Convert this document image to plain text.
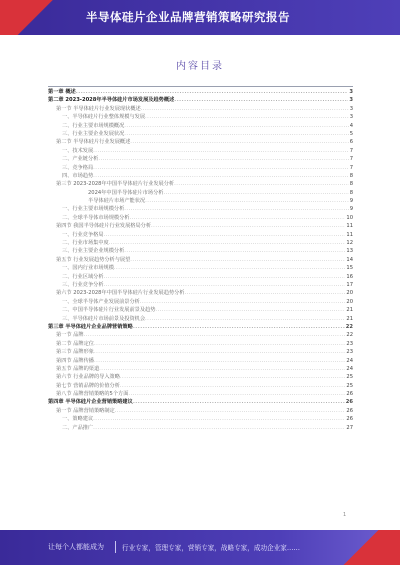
半导体硅片企业品牌营销策略研究报告
内容目录
第一章 概述 .....	3
第二章 2023-2028年半导体硅片市场发展及趋势概述 .....	3
第一节 半导体硅片行业发展现状概述 .....	3
一、半导体硅片行业整体规模与发展 .....	3
二、行业主要市场规模概况 .....	4
三、行业主要企业发展状况 .....	5
第二节 半导体硅片行业发展概述 .....	6
一、技术发展 .....	7
二、产业链分析 .....	7
三、竞争格局 .....	7
四、市场趋势 .....	8
第三节 2023-2028年中国半导体硅片行业发展分析 .....	8
2024年中国半导体硅片市场分析 .....	8
半导体硅片市场产能状况 .....	9
一、行业主要市场规模分析 .....	9
二、全球半导体市场规模分析 .....	10
第四节 我国半导体硅片行业发展格局分析 .....	11
一、行业竞争格局 .....	11
二、行业市场集中度 .....	12
三、行业主要企业规模分析 .....	13
第五节 行业发展趋势分析与展望 .....	14
一、国内行业市场规模 .....	15
二、行业区域分析 .....	16
三、行业竞争分析 .....	17
第六节 2023-2028年中国半导体硅片行业发展趋势分析 .....	20
一、全球半导体产业发展前景分析 .....	20
二、中国半导体硅片行业发展前景及趋势 .....	21
三、半导体硅片市场前景及投资机会 .....	21
第三章 半导体硅片企业品牌营销策略 .....	22
第一节 品牌 .....	22
第二节 品牌定位 .....	23
第三节 品牌形象 .....	23
第四节 品牌传播 .....	24
第五节 品牌的渠道 .....	24
第六节 行业品牌的导入策略 .....	25
第七节 营销品牌的价值分析 .....	25
第八节 品牌营销策略的5个方面 .....	26
第四章 半导体硅片企业营销策略建议 .....	26
第一节 品牌营销策略制定 .....	26
一、策略建议 .....	26
二、产品推广 .....	27
1
让每个人都能成为	行业专家，管理专家，营销专家，战略专家，成功企业家……
